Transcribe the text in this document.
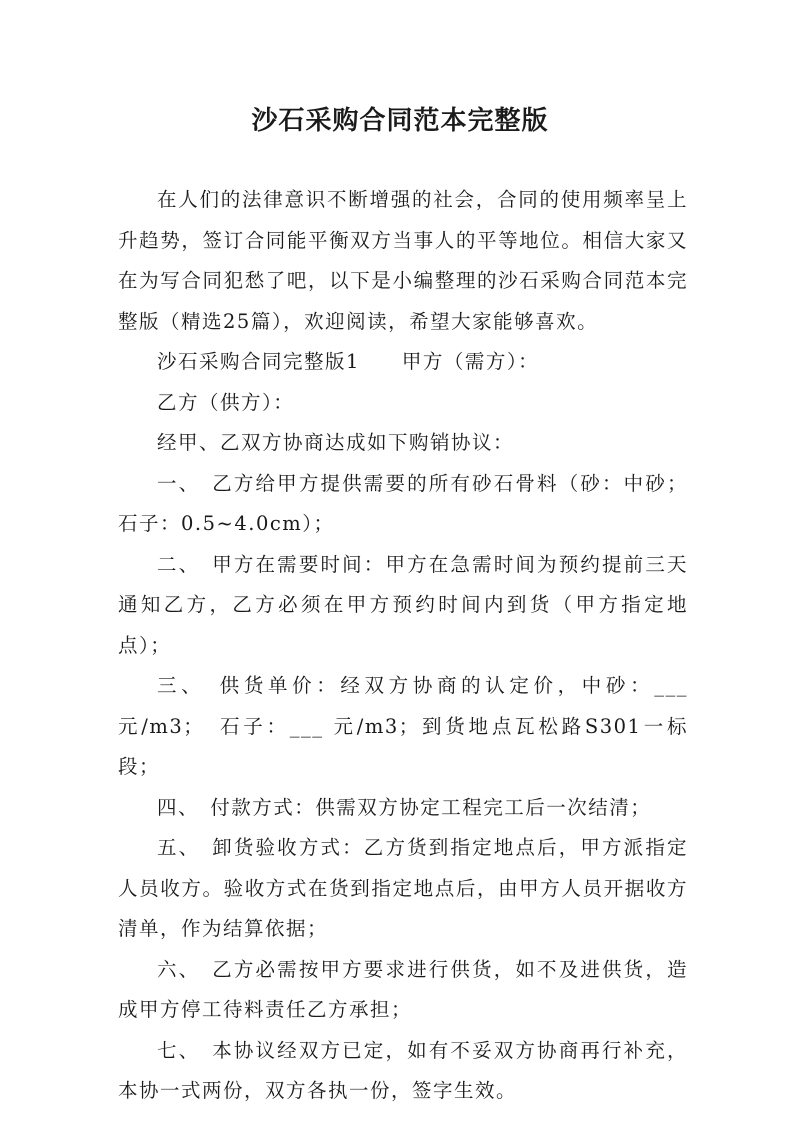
沙石采购合同范本完整版

在人们的法律意识不断增强的社会，合同的使用频率呈上升趋势，签订合同能平衡双方当事人的平等地位。相信大家又在为写合同犯愁了吧，以下是小编整理的沙石采购合同范本完整版（精选25篇），欢迎阅读，希望大家能够喜欢。

沙石采购合同完整版1　　甲方（需方）：

乙方（供方）：

经甲、乙双方协商达成如下购销协议：

一、　乙方给甲方提供需要的所有砂石骨料（砂：中砂；石子：0.5~4.0cm）；

二、　甲方在需要时间：甲方在急需时间为预约提前三天通知乙方，乙方必须在甲方预约时间内到货（甲方指定地点）；

三、　供货单价：经双方协商的认定价，中砂：___ 元/m3；　石子：___ 元/m3；到货地点瓦松路S301一标段；

四、　付款方式：供需双方协定工程完工后一次结清；

五、　卸货验收方式：乙方货到指定地点后，甲方派指定人员收方。验收方式在货到指定地点后，由甲方人员开据收方清单，作为结算依据；

六、　乙方必需按甲方要求进行供货，如不及进供货，造成甲方停工待料责任乙方承担；

七、　本协议经双方已定，如有不妥双方协商再行补充，本协一式两份，双方各执一份，签字生效。
